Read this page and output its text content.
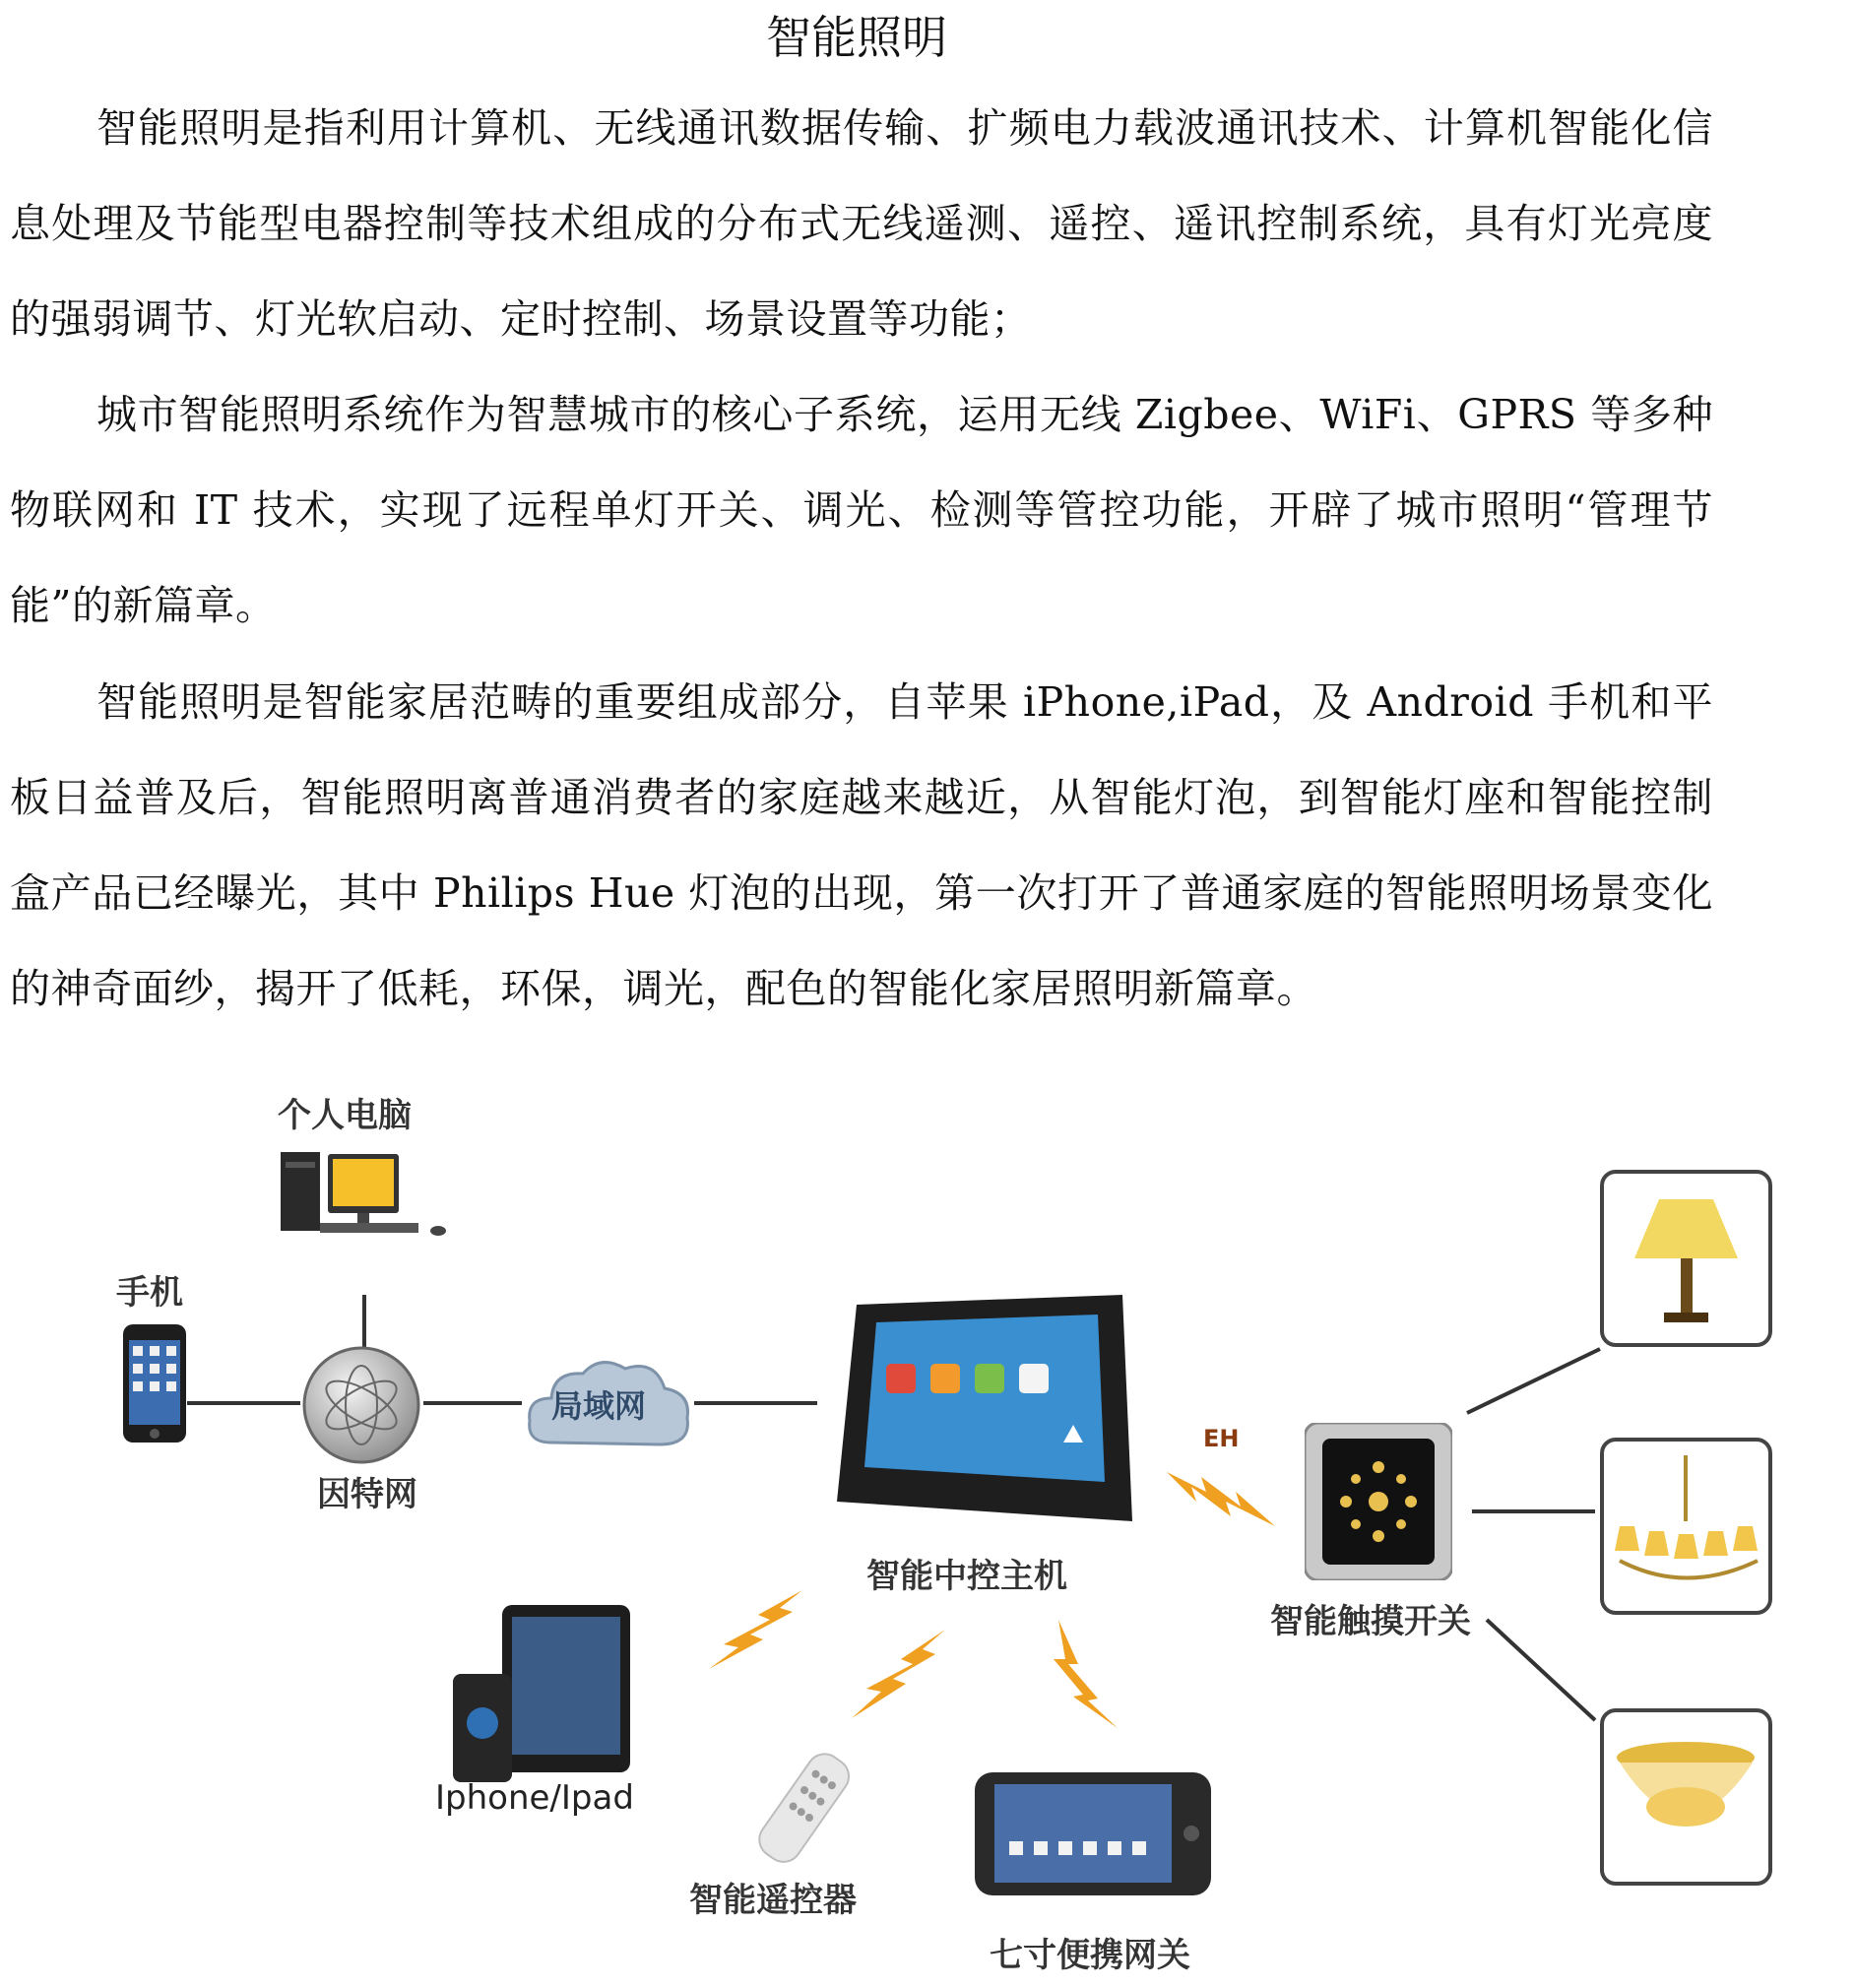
智能照明

智能照明是指利用计算机、无线通讯数据传输、扩频电力载波通讯技术、计算机智能化信息处理及节能型电器控制等技术组成的分布式无线遥测、遥控、遥讯控制系统，具有灯光亮度的强弱调节、灯光软启动、定时控制、场景设置等功能；

城市智能照明系统作为智慧城市的核心子系统，运用无线 Zigbee、WiFi、GPRS 等多种物联网和 IT 技术，实现了远程单灯开关、调光、检测等管控功能，开辟了城市照明“管理节能”的新篇章。

智能照明是智能家居范畴的重要组成部分，自苹果 iPhone,iPad，及 Android 手机和平板日益普及后，智能照明离普通消费者的家庭越来越近，从智能灯泡，到智能灯座和智能控制盒产品已经曝光，其中 Philips Hue 灯泡的出现，第一次打开了普通家庭的智能照明场景变化的神奇面纱，揭开了低耗，环保，调光，配色的智能化家居照明新篇章。

个人电脑
手机
因特网
局域网
智能中控主机
EH
智能触摸开关
Iphone/Ipad
智能遥控器
七寸便携网关
